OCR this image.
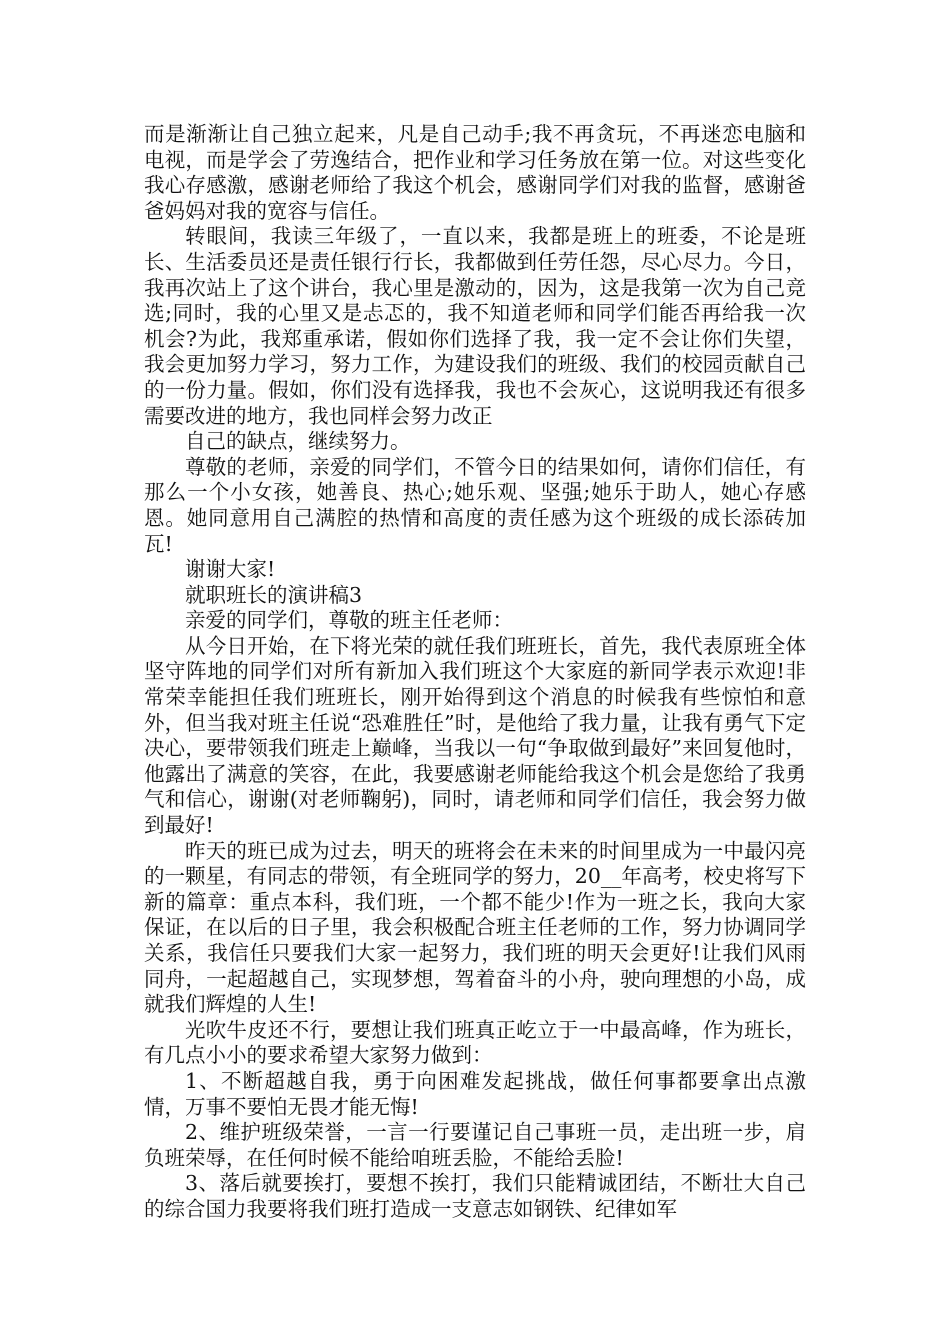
而是渐渐让自己独立起来，凡是自己动手;我不再贪玩，不再迷恋电脑和电视，而是学会了劳逸结合，把作业和学习任务放在第一位。对这些变化我心存感激，感谢老师给了我这个机会，感谢同学们对我的监督，感谢爸爸妈妈对我的宽容与信任。

转眼间，我读三年级了，一直以来，我都是班上的班委，不论是班长、生活委员还是责任银行行长，我都做到任劳任怨，尽心尽力。今日，我再次站上了这个讲台，我心里是激动的，因为，这是我第一次为自己竞选;同时，我的心里又是忐忑的，我不知道老师和同学们能否再给我一次机会?为此，我郑重承诺，假如你们选择了我，我一定不会让你们失望，我会更加努力学习，努力工作，为建设我们的班级、我们的校园贡献自己的一份力量。假如，你们没有选择我，我也不会灰心，这说明我还有很多需要改进的地方，我也同样会努力改正

自己的缺点，继续努力。

尊敬的老师，亲爱的同学们，不管今日的结果如何，请你们信任，有那么一个小女孩，她善良、热心;她乐观、坚强;她乐于助人，她心存感恩。她同意用自己满腔的热情和高度的责任感为这个班级的成长添砖加瓦!

谢谢大家!

就职班长的演讲稿3

亲爱的同学们，尊敬的班主任老师：

从今日开始，在下将光荣的就任我们班班长，首先，我代表原班全体坚守阵地的同学们对所有新加入我们班这个大家庭的新同学表示欢迎!非常荣幸能担任我们班班长，刚开始得到这个消息的时候我有些惊怕和意外，但当我对班主任说“恐难胜任”时，是他给了我力量，让我有勇气下定决心，要带领我们班走上巅峰，当我以一句“争取做到最好”来回复他时，他露出了满意的笑容，在此，我要感谢老师能给我这个机会是您给了我勇气和信心，谢谢(对老师鞠躬)，同时，请老师和同学们信任，我会努力做到最好!

昨天的班已成为过去，明天的班将会在未来的时间里成为一中最闪亮的一颗星，有同志的带领，有全班同学的努力，20__年高考，校史将写下新的篇章：重点本科，我们班，一个都不能少!作为一班之长，我向大家保证，在以后的日子里，我会积极配合班主任老师的工作，努力协调同学关系，我信任只要我们大家一起努力，我们班的明天会更好!让我们风雨同舟，一起超越自己，实现梦想，驾着奋斗的小舟，驶向理想的小岛，成就我们辉煌的人生!

光吹牛皮还不行，要想让我们班真正屹立于一中最高峰，作为班长，有几点小小的要求希望大家努力做到：

1、不断超越自我，勇于向困难发起挑战，做任何事都要拿出点激情，万事不要怕无畏才能无悔!

2、维护班级荣誉，一言一行要谨记自己事班一员，走出班一步，肩负班荣辱，在任何时候不能给咱班丢脸，不能给丢脸!

3、落后就要挨打，要想不挨打，我们只能精诚团结，不断壮大自己的综合国力我要将我们班打造成一支意志如钢铁、纪律如军
